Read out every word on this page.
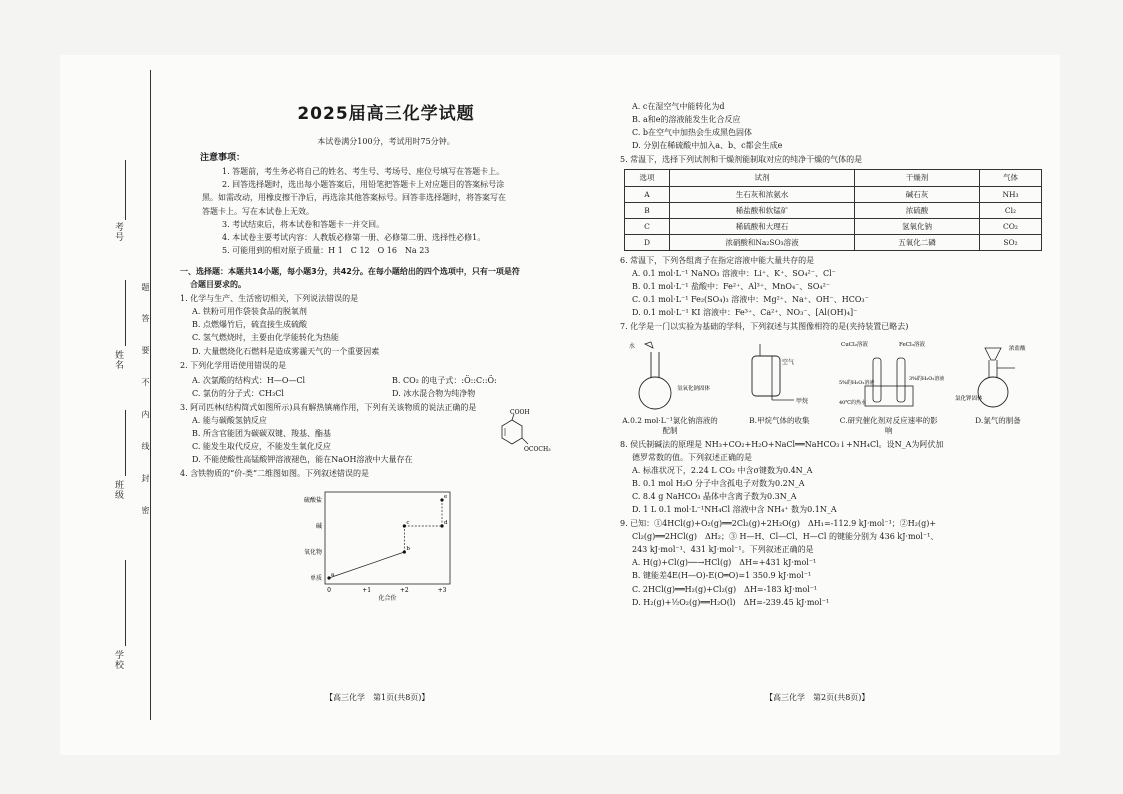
考号
姓名
班级
学校
题
答
要
不
内
线
封
密
2025届高三化学试题
本试卷满分100分，考试用时75分钟。
注意事项：
1. 答题前，考生务必将自己的姓名、考生号、考场号、座位号填写在答题卡上。
2. 回答选择题时，选出每小题答案后，用铅笔把答题卡上对应题目的答案标号涂
黑。如需改动，用橡皮擦干净后，再选涂其他答案标号。回答非选择题时，将答案写在
答题卡上。写在本试卷上无效。
3. 考试结束后，将本试卷和答题卡一并交回。
4. 本试卷主要考试内容：人教版必修第一册、必修第二册、选择性必修1。
5. 可能用到的相对原子质量：H 1　C 12　O 16　Na 23
一、选择题：本题共14小题，每小题3分，共42分。在每小题给出的四个选项中，只有一项是符
合题目要求的。
1. 化学与生产、生活密切相关，下列说法错误的是
A. 铁粉可用作袋装食品的脱氧剂
B. 点燃爆竹后，硫直接生成硫酸
C. 氢气燃烧时，主要由化学能转化为热能
D. 大量燃烧化石燃料是造成雾霾天气的一个重要因素
2. 下列化学用语使用错误的是
A. 次氯酸的结构式：H—O—Cl	B. CO₂ 的电子式：:Ö::C::Ö:
C. 氯仿的分子式：CH₃Cl	D. 冰水混合物为纯净物
3. 阿司匹林(结构简式如图所示)具有解热镇痛作用，下列有关该物质的说法正确的是
A. 能与碳酸氢钠反应
B. 所含官能团为碳碳双键、羧基、酯基
C. 能发生取代反应，不能发生氧化反应
D. 不能使酸性高锰酸钾溶液褪色，能在NaOH溶液中大量存在
COOH
OCOCH₃
4. 含铁物质的“价-类”二维图如图。下列叙述错误的是
单质
氧化物
碱
硫酸盐
0	+1	+2	+3
化合价
a
b
c	d
e
A. c在湿空气中能转化为d
B. a和e的溶液能发生化合反应
C. b在空气中加热会生成黑色固体
D. 分别在稀硫酸中加入a、b、c都会生成e
5. 常温下，选择下列试剂和干燥剂能制取对应的纯净干燥的气体的是
选项	试剂	干燥剂	气体
A	生石灰和浓氨水	碱石灰	NH₃
B	稀盐酸和软锰矿	浓硫酸	Cl₂
C	稀硫酸和大理石	氢氧化钠	CO₂
D	浓硝酸和Na₂SO₃溶液	五氧化二磷	SO₂
6. 常温下，下列各组离子在指定溶液中能大量共存的是
A. 0.1 mol·L⁻¹ NaNO₃ 溶液中：Li⁺、K⁺、SO₄²⁻、Cl⁻
B. 0.1 mol·L⁻¹ 盐酸中：Fe²⁺、Al³⁺、MnO₄⁻、SO₄²⁻
C. 0.1 mol·L⁻¹ Fe₂(SO₄)₃ 溶液中：Mg²⁺、Na⁺、OH⁻、HCO₃⁻
D. 0.1 mol·L⁻¹ KI 溶液中：Fe³⁺、Ca²⁺、NO₃⁻、[Al(OH)₄]⁻
7. 化学是一门以实验为基础的学科，下列叙述与其图像相符的是(夹持装置已略去)
水
氢氧化钠固体
A.0.2 mol·L⁻¹氯化钠溶液的配制
空气
甲烷
B.甲烷气体的收集
CuCl₂溶液	FeCl₃溶液
5%的H₂O₂溶液
3%的H₂O₂溶液
40℃的热水
C.研究催化剂对反应速率的影响
浓盐酸
氯化钾固体
D.氯气的制备
8. 侯氏制碱法的原理是 NH₃+CO₂+H₂O+NaCl══NaHCO₃↓+NH₄Cl。设N_A为阿伏加
德罗常数的值。下列叙述正确的是
A. 标准状况下，2.24 L CO₂ 中含σ键数为0.4N_A
B. 0.1 mol H₂O 分子中含孤电子对数为0.2N_A
C. 8.4 g NaHCO₃ 晶体中含离子数为0.3N_A
D. 1 L 0.1 mol·L⁻¹NH₄Cl 溶液中含 NH₄⁺ 数为0.1N_A
9. 已知：①4HCl(g)+O₂(g)══2Cl₂(g)+2H₂O(g)　ΔH₁=-112.9 kJ·mol⁻¹；②H₂(g)+
Cl₂(g)══2HCl(g)　ΔH₂；③ H—H、Cl—Cl、H—Cl 的键能分别为 436 kJ·mol⁻¹、
243 kJ·mol⁻¹、431 kJ·mol⁻¹。下列叙述正确的是
A. H(g)+Cl(g)──→HCl(g)　ΔH=+431 kJ·mol⁻¹
B. 键能差4E(H—O)-E(O═O)=1 350.9 kJ·mol⁻¹
C. 2HCl(g)══H₂(g)+Cl₂(g)　ΔH=-183 kJ·mol⁻¹
D. H₂(g)+½O₂(g)══H₂O(l)　ΔH=-239.45 kJ·mol⁻¹
【高三化学　第1页(共8页)】	【高三化学　第2页(共8页)】
